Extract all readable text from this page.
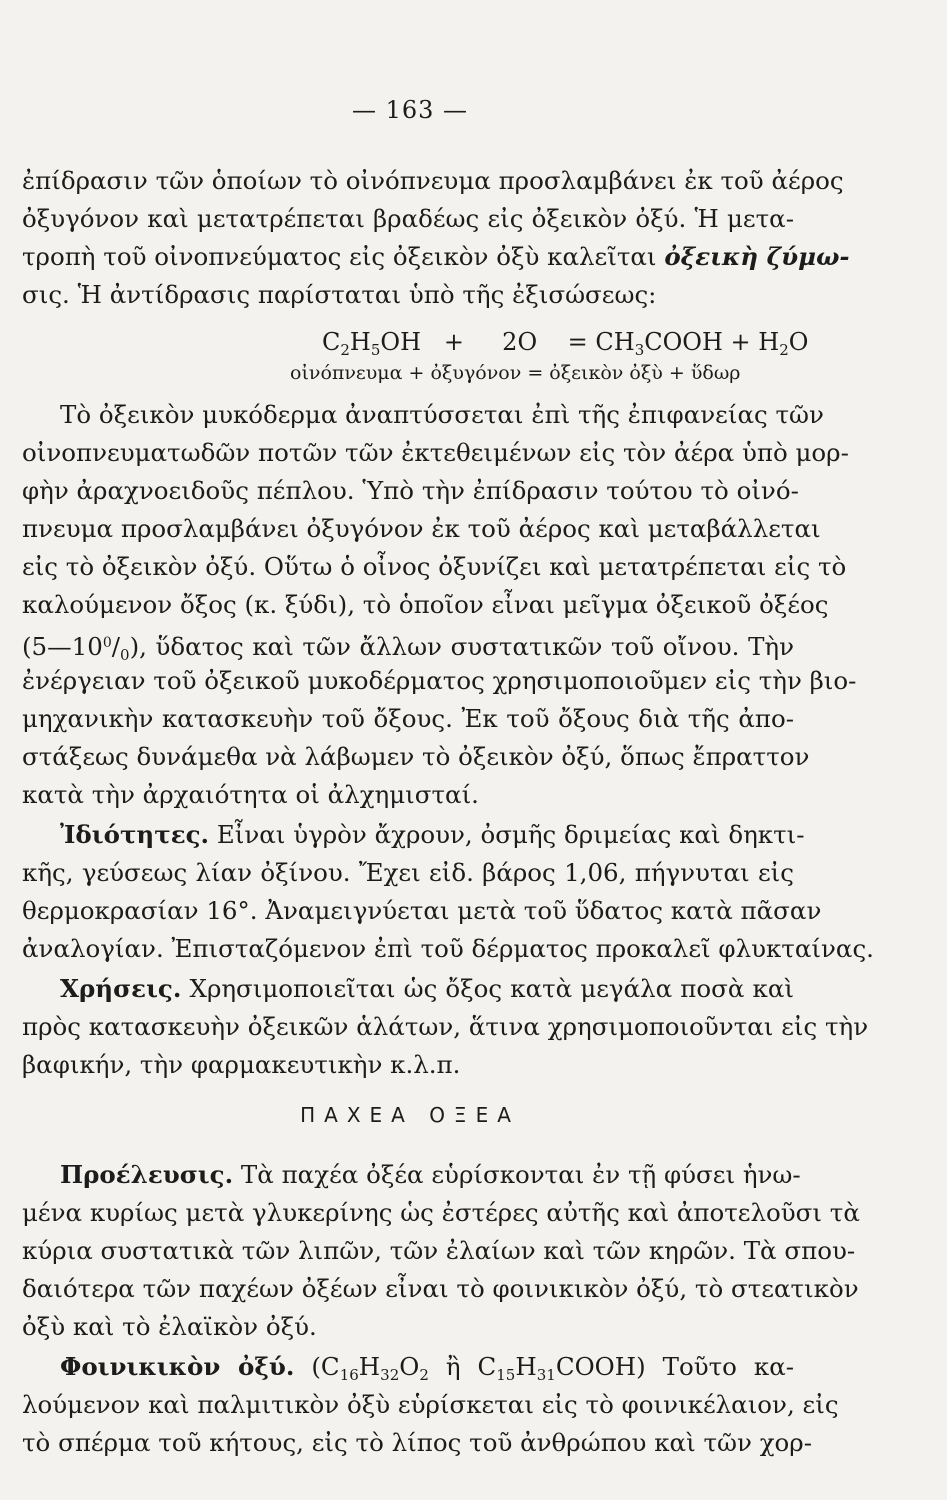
— 163 —
ἐπίδρασιν τῶν ὁποίων τὸ οἰνόπνευμα προσλαμβάνει ἐκ τοῦ ἀέρος
ὀξυγόνον καὶ μετατρέπεται βραδέως εἰς ὀξεικὸν ὀξύ. Ἡ μετα-
τροπὴ τοῦ οἰνοπνεύματος εἰς ὀξεικὸν ὀξὺ καλεῖται ὀξεικὴ ζύμω-
σις. Ἡ ἀντίδρασις παρίσταται ὑπὸ τῆς ἐξισώσεως:
$C_2H_5OH + 2O$ = $CH_3COOH + H_2O$
οἰνόπνευμα + ὀξυγόνον = ὀξεικὸν ὀξὺ + ὕδωρ
Τὸ ὀξεικὸν μυκόδερμα ἀναπτύσσεται ἐπὶ τῆς ἐπιφανείας τῶν
οἰνοπνευματωδῶν ποτῶν τῶν ἐκτεθειμένων εἰς τὸν ἀέρα ὑπὸ μορ-
φὴν ἀραχνοειδοῦς πέπλου. Ὑπὸ τὴν ἐπίδρασιν τούτου τὸ οἰνό-
πνευμα προσλαμβάνει ὀξυγόνον ἐκ τοῦ ἀέρος καὶ μεταβάλλεται
εἰς τὸ ὀξεικὸν ὀξύ. Οὕτω ὁ οἶνος ὀξυνίζει καὶ μετατρέπεται εἰς τὸ
καλούμενον ὄξος (κ. ξύδι), τὸ ὁποῖον εἶναι μεῖγμα ὀξεικοῦ ὀξέος
$(5—10^0/_0)$, ὕδατος καὶ τῶν ἄλλων συστατικῶν τοῦ οἴνου. Τὴν
ἐνέργειαν τοῦ ὀξεικοῦ μυκοδέρματος χρησιμοποιοῦμεν εἰς τὴν βιο-
μηχανικὴν κατασκευὴν τοῦ ὄξους. Ἐκ τοῦ ὄξους διὰ τῆς ἀπο-
στάξεως δυνάμεθα νὰ λάβωμεν τὸ ὀξεικὸν ὀξύ, ὅπως ἔπραττον
κατὰ τὴν ἀρχαιότητα οἱ ἀλχημισταί.
Ἰδιότητες. Εἶναι ὑγρὸν ἄχρουν, ὀσμῆς δριμείας καὶ δηκτι-
κῆς, γεύσεως λίαν ὀξίνου. Ἔχει εἰδ. βάρος 1,06, πήγνυται εἰς
θερμοκρασίαν 16°. Ἀναμειγνύεται μετὰ τοῦ ὕδατος κατὰ πᾶσαν
ἀναλογίαν. Ἐπισταζόμενον ἐπὶ τοῦ δέρματος προκαλεῖ φλυκταίνας.
Χρήσεις. Χρησιμοποιεῖται ὡς ὄξος κατὰ μεγάλα ποσὰ καὶ
πρὸς κατασκευὴν ὀξεικῶν ἁλάτων, ἅτινα χρησιμοποιοῦνται εἰς τὴν
βαφικήν, τὴν φαρμακευτικὴν κ.λ.π.
ΠΑΧΕΑ ΟΞΕΑ
Προέλευσις. Τὰ παχέα ὀξέα εὑρίσκονται ἐν τῇ φύσει ἡνω-
μένα κυρίως μετὰ γλυκερίνης ὡς ἐστέρες αὐτῆς καὶ ἀποτελοῦσι τὰ
κύρια συστατικὰ τῶν λιπῶν, τῶν ἐλαίων καὶ τῶν κηρῶν. Τὰ σπου-
δαιότερα τῶν παχέων ὀξέων εἶναι τὸ φοινικικὸν ὀξύ, τὸ στεατικὸν
ὀξὺ καὶ τὸ ἐλαϊκὸν ὀξύ.
Φοινικικὸν ὀξύ. ($C_{16}H_{32}O_2$ ἢ $C_{15}H_{31}COOH$) Τοῦτο κα-
λούμενον καὶ παλμιτικὸν ὀξὺ εὑρίσκεται εἰς τὸ φοινικέλαιον, εἰς
τὸ σπέρμα τοῦ κήτους, εἰς τὸ λίπος τοῦ ἀνθρώπου καὶ τῶν χορ-
